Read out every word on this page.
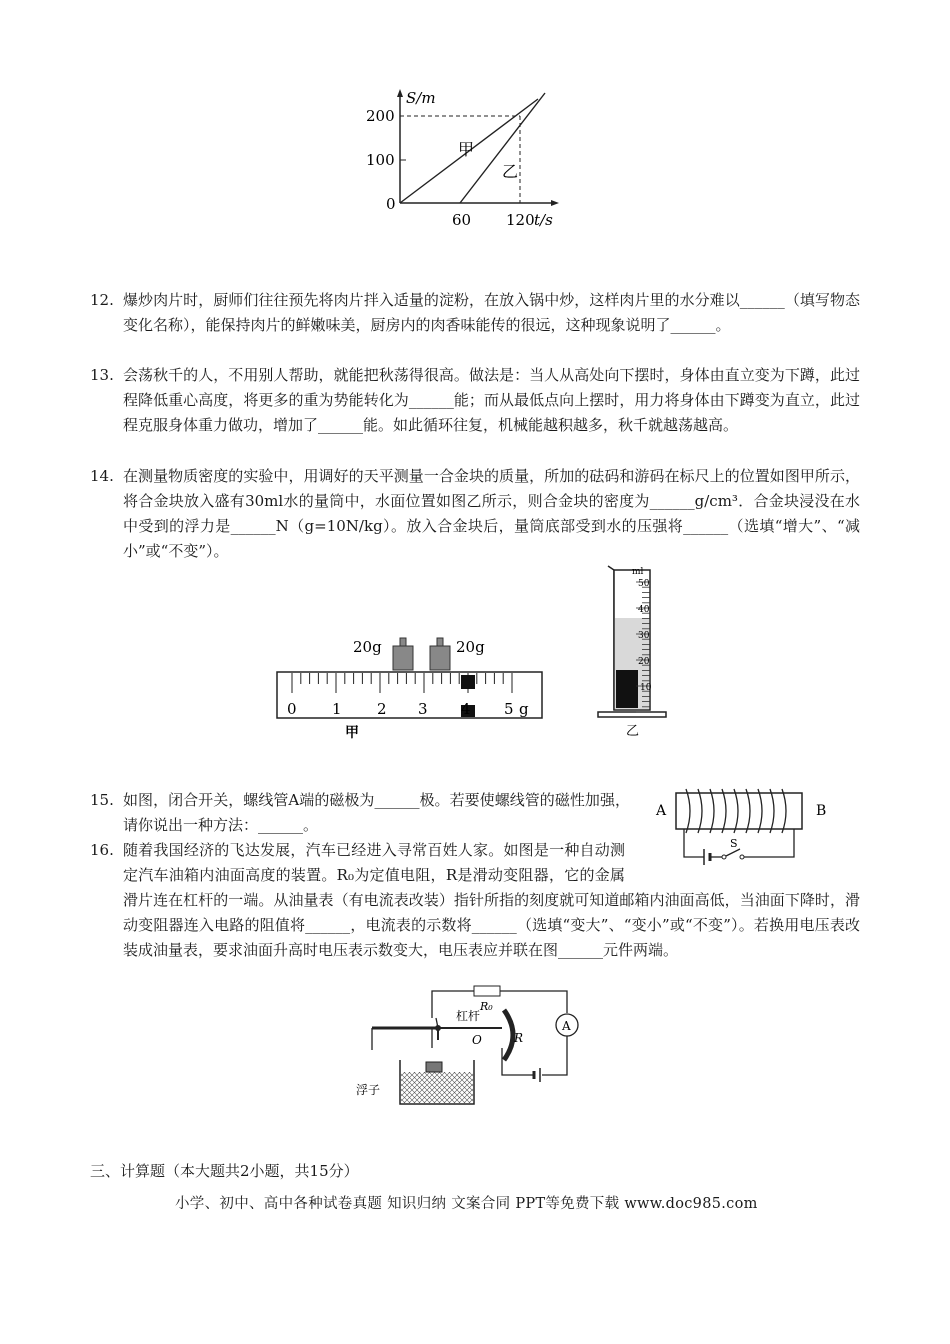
S/m
200
100
0
60 120 t/s
甲
乙
12. 爆炒肉片时，厨师们往往预先将肉片拌入适量的淀粉，在放入锅中炒，这样肉片里的水分难以______（填写物态变化名称），能保持肉片的鲜嫩味美，厨房内的肉香味能传的很远，这种现象说明了______。
13. 会荡秋千的人，不用别人帮助，就能把秋荡得很高。做法是：当人从高处向下摆时，身体由直立变为下蹲，此过程降低重心高度，将更多的重为势能转化为______能；而从最低点向上摆时，用力将身体由下蹲变为直立，此过程克服身体重力做功，增加了______能。如此循环往复，机械能越积越多，秋千就越荡越高。
14. 在测量物质密度的实验中，用调好的天平测量一合金块的质量，所加的砝码和游码在标尺上的位置如图甲所示，将合金块放入盛有30ml水的量筒中，水面位置如图乙所示，则合金块的密度为______g/cm³．合金块浸没在水中受到的浮力是______N（g=10N/kg）。放入合金块后，量筒底部受到水的压强将______（选填“增大”、“减小”或“不变”）。
20g	20g
0 1 2 3 4 5 g
甲
ml
50
40
30
20
10
乙
15. 如图，闭合开关，螺线管A端的磁极为______极。若要使螺线管的磁性加强，请你说出一种方法：______。
A	B
S
16. 随着我国经济的飞达发展，汽车已经进入寻常百姓人家。如图是一种自动测定汽车油箱内油面高度的装置。R₀为定值电阻，R是滑动变阻器，它的金属滑片连在杠杆的一端。从油量表（有电流表改装）指针所指的刻度就可知道邮箱内油面高低，当油面下降时，滑动变阻器连入电路的阻值将______，电流表的示数将______（选填“变大”、“变小”或“不变”）。若换用电压表改装成油量表，要求油面升高时电压表示数变大，电压表应并联在图______元件两端。
杠杆
R₀
R
O
A
浮子
三、计算题（本大题共2小题，共15分）
小学、初中、高中各种试卷真题 知识归纳 文案合同 PPT等免费下载 www.doc985.com
